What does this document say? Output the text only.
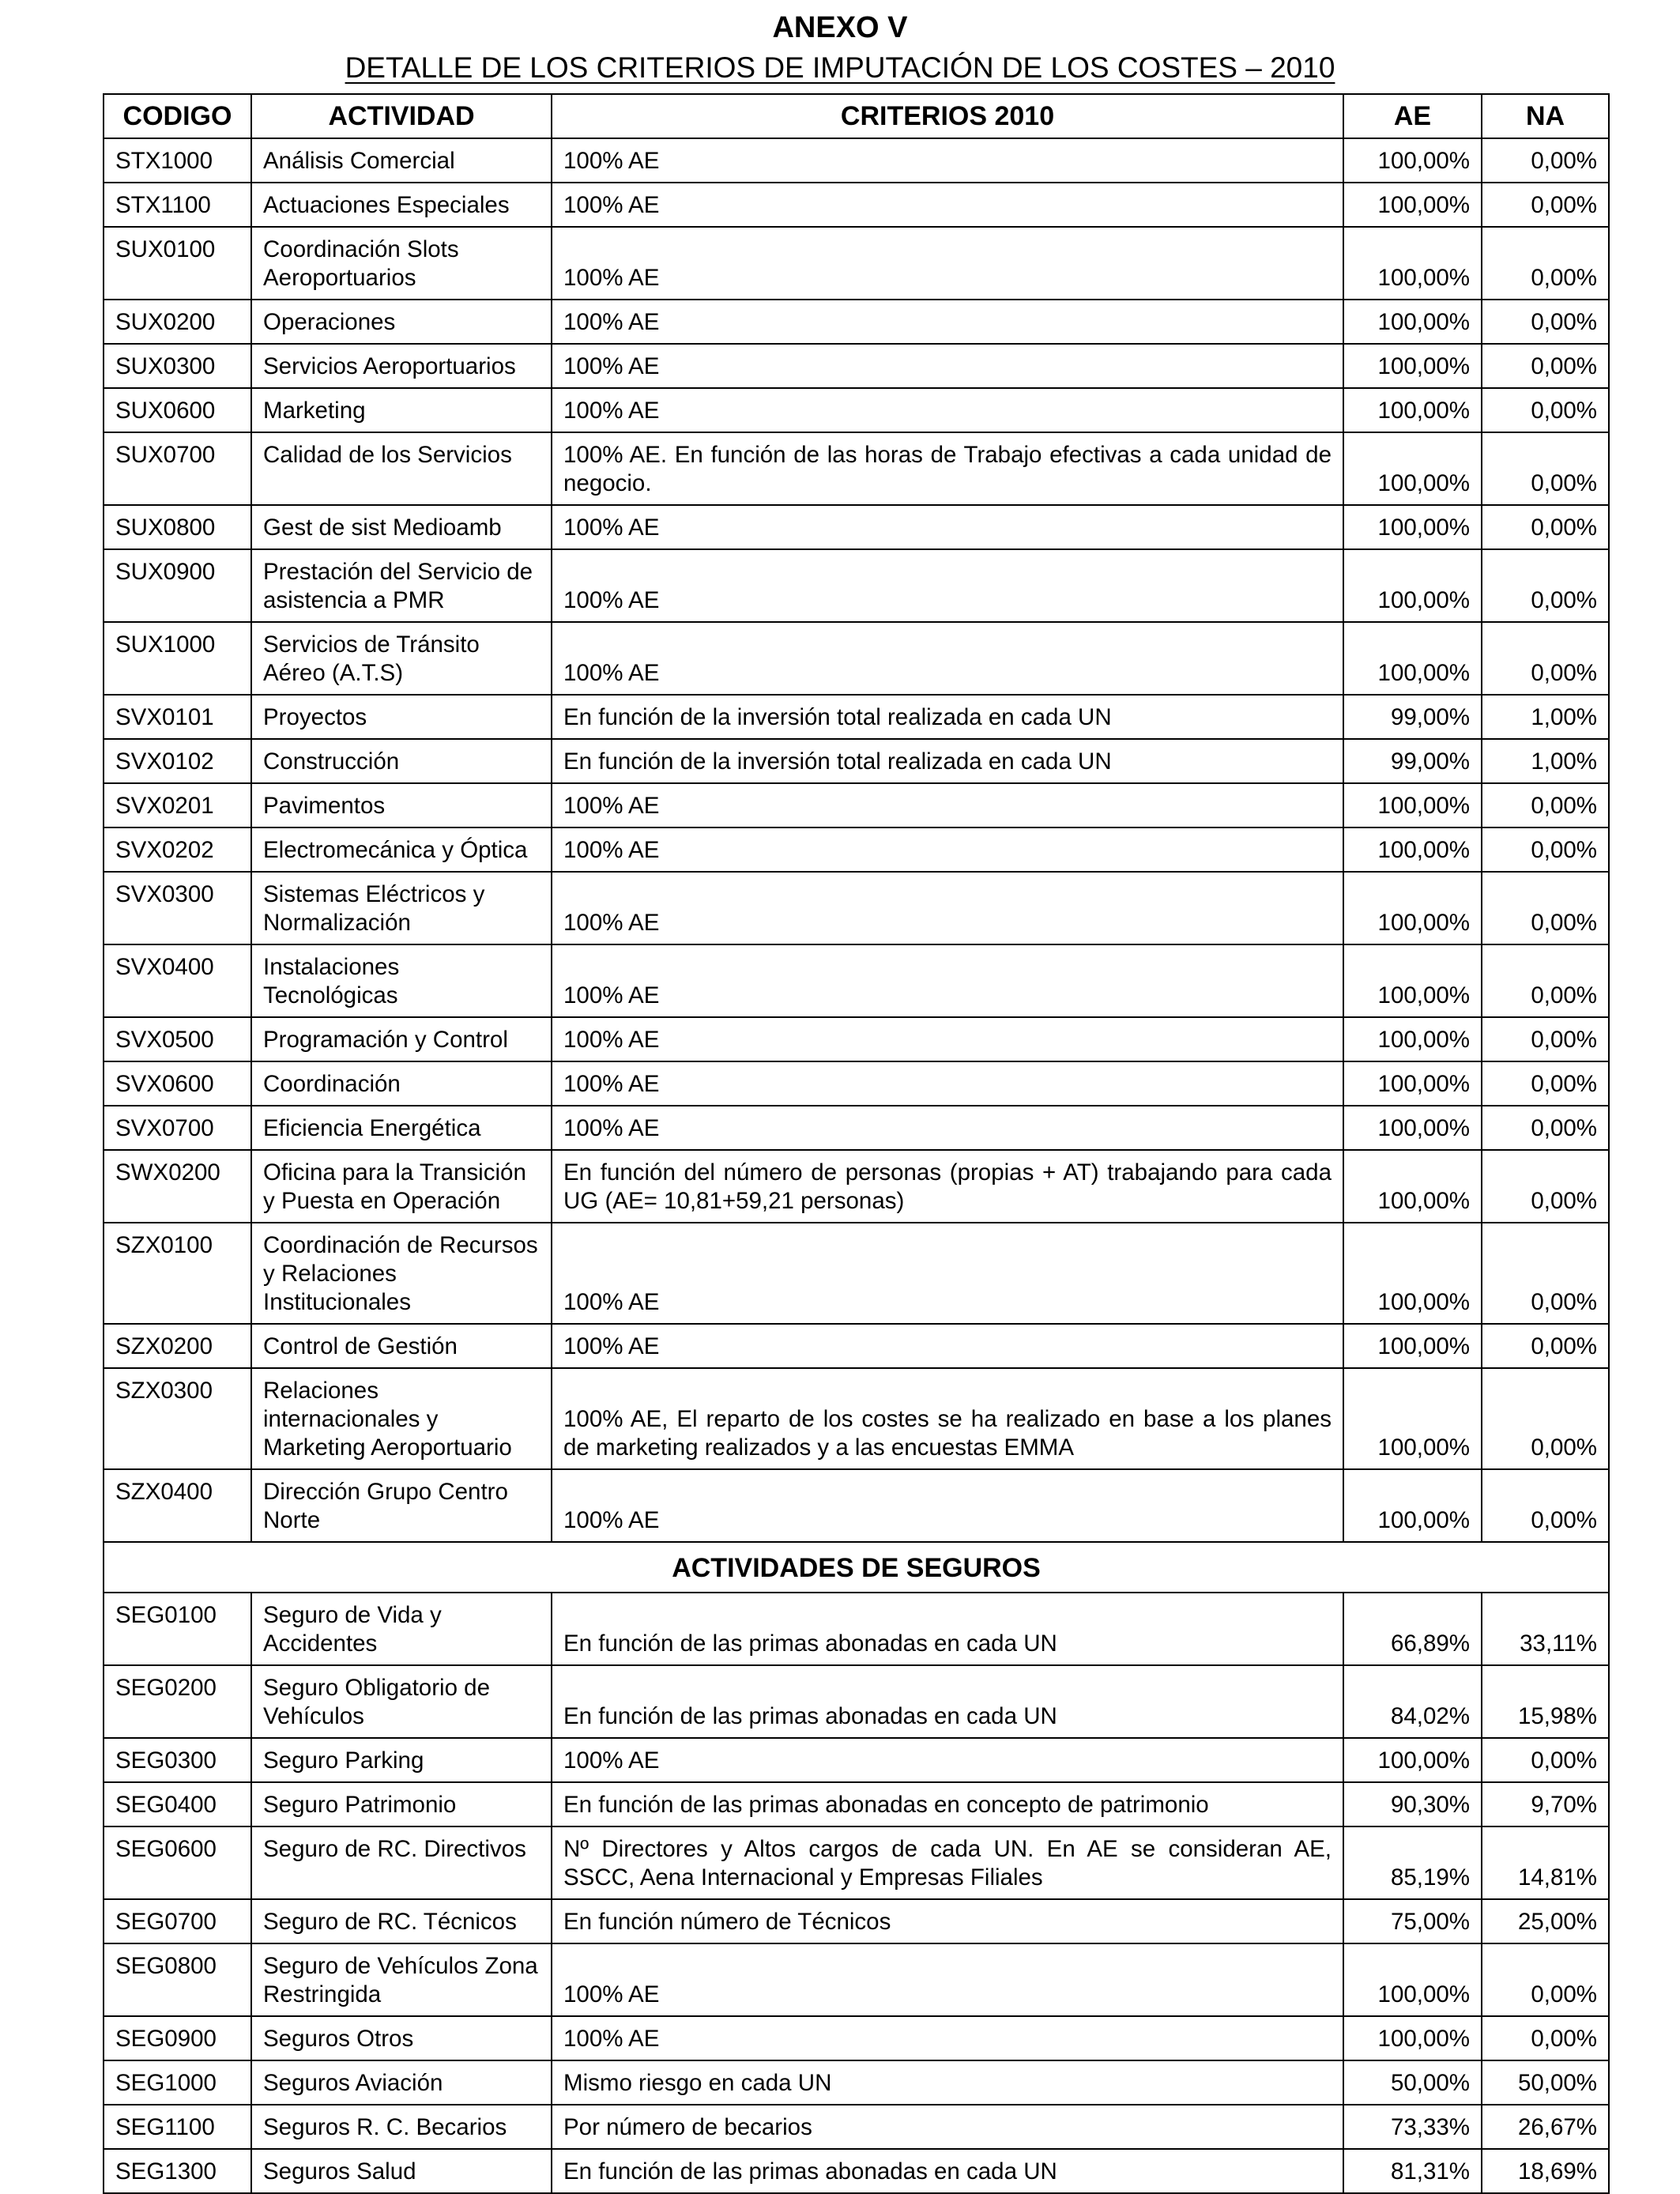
ANEXO V
DETALLE DE LOS CRITERIOS DE IMPUTACIÓN DE LOS COSTES – 2010
CODIGO	ACTIVIDAD	CRITERIOS 2010	AE	NA
STX1000	Análisis Comercial	100% AE	100,00%	0,00%
STX1100	Actuaciones Especiales	100% AE	100,00%	0,00%
SUX0100	Coordinación Slots Aeroportuarios	100% AE	100,00%	0,00%
SUX0200	Operaciones	100% AE	100,00%	0,00%
SUX0300	Servicios Aeroportuarios	100% AE	100,00%	0,00%
SUX0600	Marketing	100% AE	100,00%	0,00%
SUX0700	Calidad de los Servicios	100% AE. En función de las horas de Trabajo efectivas a cada unidad de negocio.	100,00%	0,00%
SUX0800	Gest de sist Medioamb	100% AE	100,00%	0,00%
SUX0900	Prestación del Servicio de asistencia a PMR	100% AE	100,00%	0,00%
SUX1000	Servicios de Tránsito Aéreo (A.T.S)	100% AE	100,00%	0,00%
SVX0101	Proyectos	En función de la inversión total realizada en cada UN	99,00%	1,00%
SVX0102	Construcción	En función de la inversión total realizada en cada UN	99,00%	1,00%
SVX0201	Pavimentos	100% AE	100,00%	0,00%
SVX0202	Electromecánica y Óptica	100% AE	100,00%	0,00%
SVX0300	Sistemas Eléctricos y Normalización	100% AE	100,00%	0,00%
SVX0400	Instalaciones Tecnológicas	100% AE	100,00%	0,00%
SVX0500	Programación y Control	100% AE	100,00%	0,00%
SVX0600	Coordinación	100% AE	100,00%	0,00%
SVX0700	Eficiencia Energética	100% AE	100,00%	0,00%
SWX0200	Oficina para la Transición y Puesta en Operación	En función del número de personas (propias + AT) trabajando para cada UG (AE= 10,81+59,21 personas)	100,00%	0,00%
SZX0100	Coordinación de Recursos y Relaciones Institucionales	100% AE	100,00%	0,00%
SZX0200	Control de Gestión	100% AE	100,00%	0,00%
SZX0300	Relaciones internacionales y Marketing Aeroportuario	100% AE, El reparto de los costes se ha realizado en base a los planes de marketing realizados y a las encuestas EMMA	100,00%	0,00%
SZX0400	Dirección Grupo Centro Norte	100% AE	100,00%	0,00%
ACTIVIDADES DE SEGUROS				
SEG0100	Seguro de Vida y Accidentes	En función de las primas abonadas en cada UN	66,89%	33,11%
SEG0200	Seguro Obligatorio de Vehículos	En función de las primas abonadas en cada UN	84,02%	15,98%
SEG0300	Seguro Parking	100% AE	100,00%	0,00%
SEG0400	Seguro Patrimonio	En función de las primas abonadas en concepto de patrimonio	90,30%	9,70%
SEG0600	Seguro de RC. Directivos	Nº Directores y Altos cargos de cada UN. En AE se consideran AE, SSCC, Aena Internacional y Empresas Filiales	85,19%	14,81%
SEG0700	Seguro de RC. Técnicos	En función número de Técnicos	75,00%	25,00%
SEG0800	Seguro de Vehículos Zona Restringida	100% AE	100,00%	0,00%
SEG0900	Seguros Otros	100% AE	100,00%	0,00%
SEG1000	Seguros Aviación	Mismo riesgo en cada UN	50,00%	50,00%
SEG1100	Seguros R. C. Becarios	Por número de becarios	73,33%	26,67%
SEG1300	Seguros Salud	En función de las primas abonadas en cada UN	81,31%	18,69%
